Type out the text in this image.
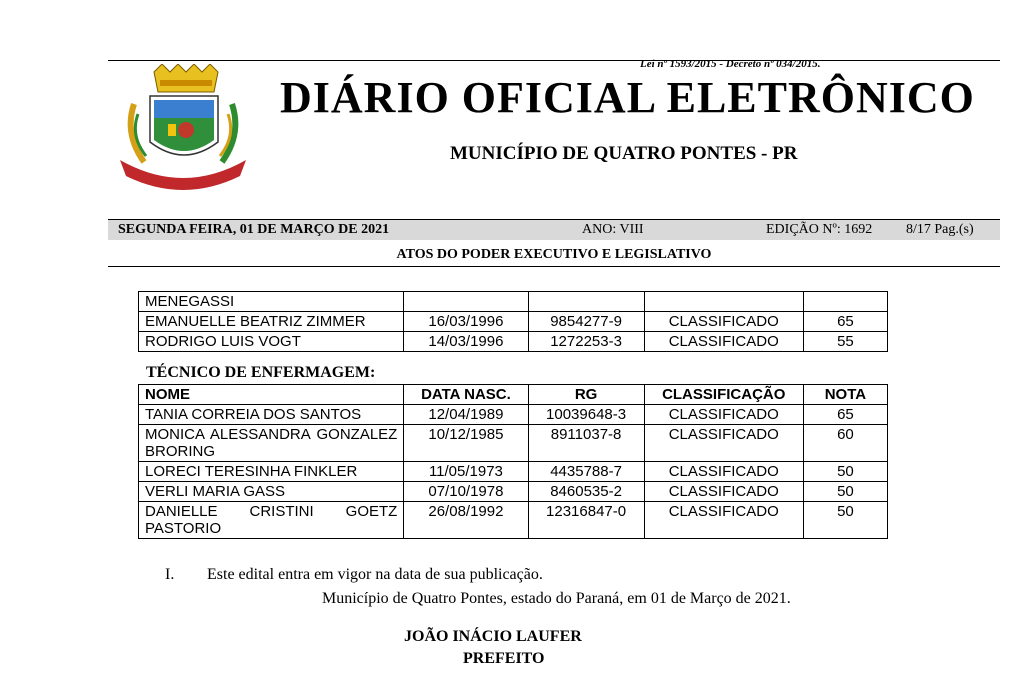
Lei nº 1593/2015 - Decreto nº 034/2015.
DIÁRIO OFICIAL ELETRÔNICO
MUNICÍPIO DE QUATRO PONTES - PR
SEGUNDA FEIRA, 01 DE MARÇO DE 2021	ANO: VIII	EDIÇÃO Nº: 1692 8/17 Pag.(s)
ATOS DO PODER EXECUTIVO E LEGISLATIVO
MENEGASSI				
EMANUELLE BEATRIZ ZIMMER	16/03/1996	9854277-9	CLASSIFICADO	65
RODRIGO LUIS VOGT	14/03/1996	1272253-3	CLASSIFICADO	55
TÉCNICO DE ENFERMAGEM:
NOME	DATA NASC.	RG	CLASSIFICAÇÃO	NOTA
TANIA CORREIA DOS SANTOS	12/04/1989	10039648-3	CLASSIFICADO	65
MONICA ALESSANDRA GONZALEZ BRORING	10/12/1985	8911037-8	CLASSIFICADO	60
LORECI TERESINHA FINKLER	11/05/1973	4435788-7	CLASSIFICADO	50
VERLI MARIA GASS	07/10/1978	8460535-2	CLASSIFICADO	50
DANIELLE CRISTINI GOETZ PASTORIO	26/08/1992	12316847-0	CLASSIFICADO	50
I. Este edital entra em vigor na data de sua publicação.
Município de Quatro Pontes, estado do Paraná, em 01 de Março de 2021.
JOÃO INÁCIO LAUFER
PREFEITO
